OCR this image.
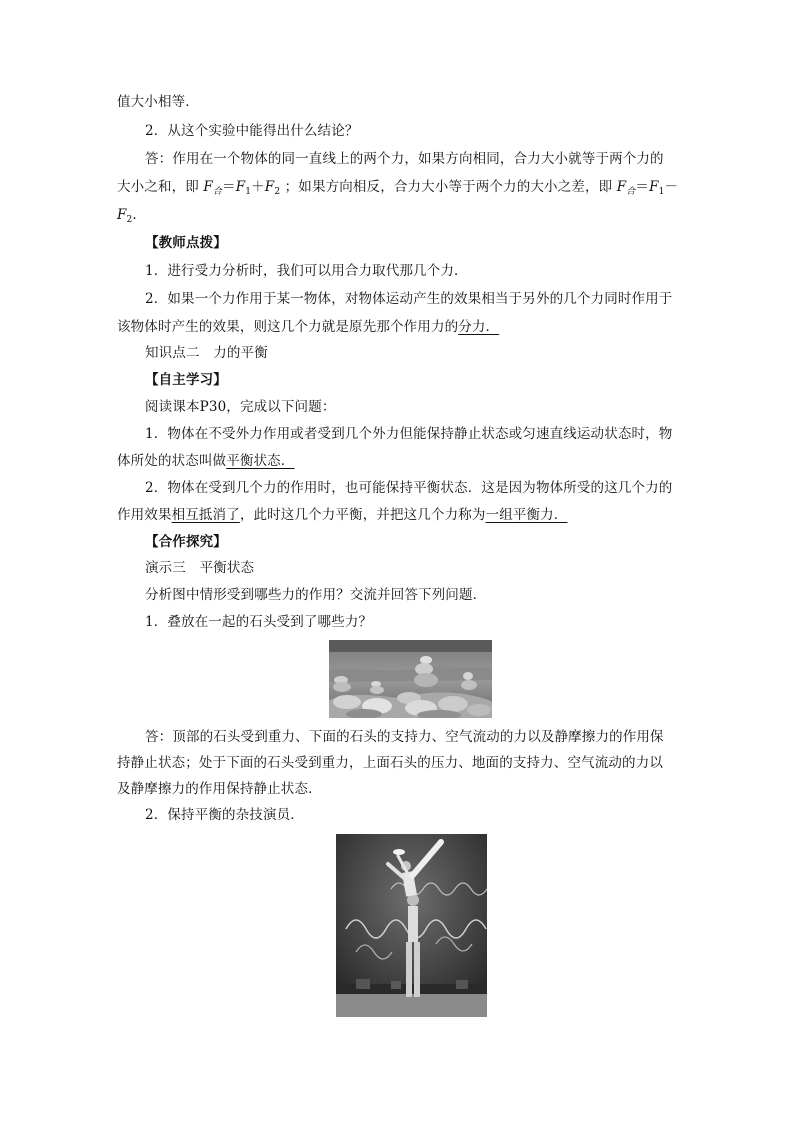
值大小相等．
2．从这个实验中能得出什么结论？
答：作用在一个物体的同一直线上的两个力，如果方向相同，合力大小就等于两个力的
大小之和，即 $F_合=F_1+F_2$ ；如果方向相反，合力大小等于两个力的大小之差，即 $F_合=F_1-$
$F_2$.
【教师点拨】
1．进行受力分析时，我们可以用合力取代那几个力．
2．如果一个力作用于某一物体，对物体运动产生的效果相当于另外的几个力同时作用于
该物体时产生的效果，则这几个力就是原先那个作用力的分力．
知识点二　力的平衡
【自主学习】
阅读课本P30，完成以下问题：
1．物体在不受外力作用或者受到几个外力但能保持静止状态或匀速直线运动状态时，物
体所处的状态叫做平衡状态．
2．物体在受到几个力的作用时，也可能保持平衡状态．这是因为物体所受的这几个力的
作用效果相互抵消了，此时这几个力平衡，并把这几个力称为一组平衡力．
【合作探究】
演示三　平衡状态
分析图中情形受到哪些力的作用？交流并回答下列问题．
1．叠放在一起的石头受到了哪些力？
答：顶部的石头受到重力、下面的石头的支持力、空气流动的力以及静摩擦力的作用保
持静止状态；处于下面的石头受到重力，上面石头的压力、地面的支持力、空气流动的力以
及静摩擦力的作用保持静止状态．
2．保持平衡的杂技演员．
